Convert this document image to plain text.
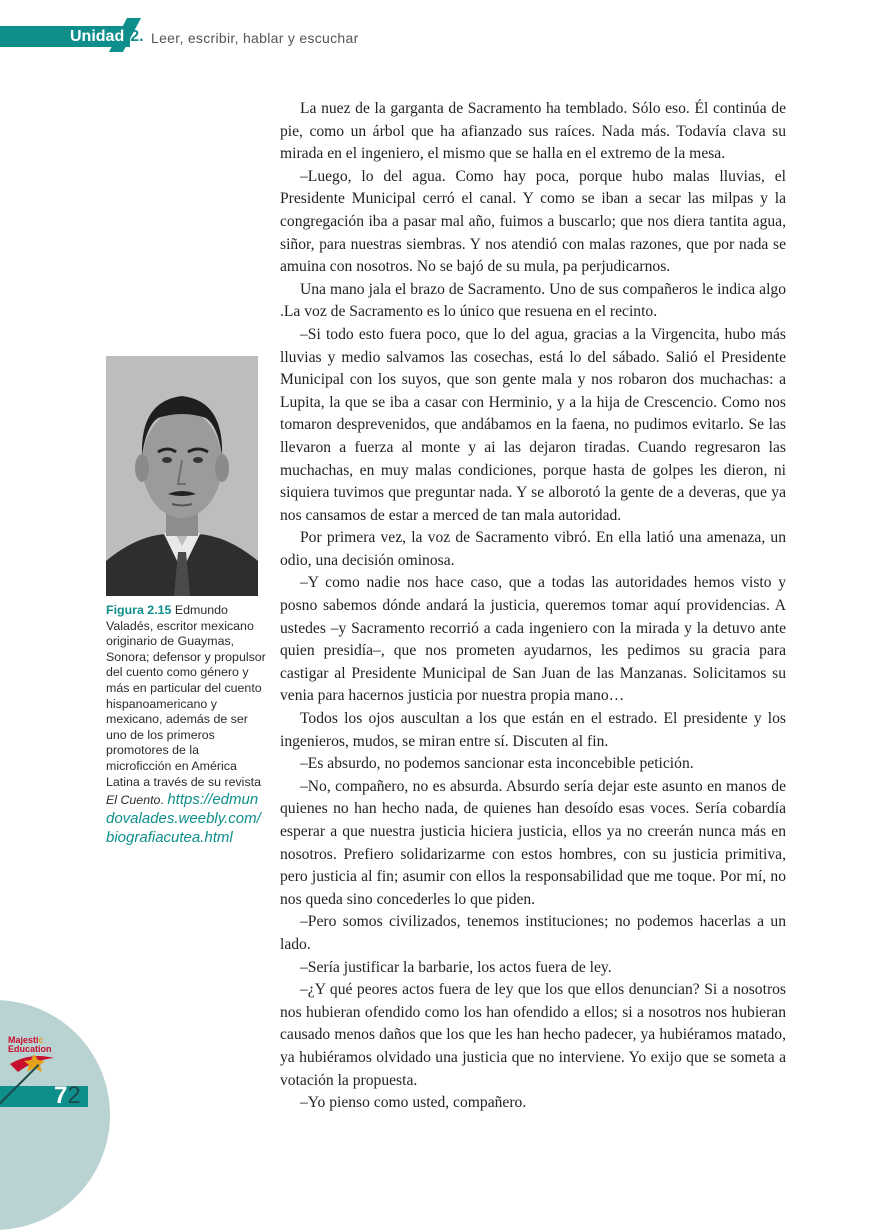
Unidad 2. Leer, escribir, hablar y escuchar

La nuez de la garganta de Sacramento ha temblado. Sólo eso. Él continúa de pie, como un árbol que ha afianzado sus raíces. Nada más. Todavía clava su mirada en el ingeniero, el mismo que se halla en el extremo de la mesa.

–Luego, lo del agua. Como hay poca, porque hubo malas lluvias, el Presidente Municipal cerró el canal. Y como se iban a secar las milpas y la congregación iba a pasar mal año, fuimos a buscarlo; que nos diera tantita agua, siñor, para nuestras siembras. Y nos atendió con malas razones, que por nada se amuina con nosotros. No se bajó de su mula, pa perjudicarnos.

Una mano jala el brazo de Sacramento. Uno de sus compañeros le indica algo .La voz de Sacramento es lo único que resuena en el recinto.

–Si todo esto fuera poco, que lo del agua, gracias a la Virgencita, hubo más lluvias y medio salvamos las cosechas, está lo del sábado. Salió el Presidente Municipal con los suyos, que son gente mala y nos robaron dos muchachas: a Lupita, la que se iba a casar con Herminio, y a la hija de Crescencio. Como nos tomaron desprevenidos, que andábamos en la faena, no pudimos evitarlo. Se las llevaron a fuerza al monte y ai las dejaron tiradas. Cuando regresaron las muchachas, en muy malas condiciones, porque hasta de golpes les dieron, ni siquiera tuvimos que preguntar nada. Y se alborotó la gente de a deveras, que ya nos cansamos de estar a merced de tan mala autoridad.

Por primera vez, la voz de Sacramento vibró. En ella latió una amenaza, un odio, una decisión ominosa.

–Y como nadie nos hace caso, que a todas las autoridades hemos visto y posno sabemos dónde andará la justicia, queremos tomar aquí providencias. A ustedes –y Sacramento recorrió a cada ingeniero con la mirada y la detuvo ante quien presidía–, que nos prometen ayudarnos, les pedimos su gracia para castigar al Presidente Municipal de San Juan de las Manzanas. Solicitamos su venia para hacernos justicia por nuestra propia mano…

Todos los ojos auscultan a los que están en el estrado. El presidente y los ingenieros, mudos, se miran entre sí. Discuten al fin.

–Es absurdo, no podemos sancionar esta inconcebible petición.

–No, compañero, no es absurda. Absurdo sería dejar este asunto en manos de quienes no han hecho nada, de quienes han desoído esas voces. Sería cobardía esperar a que nuestra justicia hiciera justicia, ellos ya no creerán nunca más en nosotros. Prefiero solidarizarme con estos hombres, con su justicia primitiva, pero justicia al fin; asumir con ellos la responsabilidad que me toque. Por mí, no nos queda sino concederles lo que piden.

–Pero somos civilizados, tenemos instituciones; no podemos hacerlas a un lado.

–Sería justificar la barbarie, los actos fuera de ley.

–¿Y qué peores actos fuera de ley que los que ellos denuncian? Si a nosotros nos hubieran ofendido como los han ofendido a ellos; si a nosotros nos hubieran causado menos daños que los que les han hecho padecer, ya hubiéramos matado, ya hubiéramos olvidado una justicia que no interviene. Yo exijo que se someta a votación la propuesta.

–Yo pienso como usted, compañero.

Figura 2.15 Edmundo Valadés, escritor mexicano originario de Guaymas, Sonora; defensor y propulsor del cuento como género y más en particular del cuento hispanoamericano y mexicano, además de ser uno de los primeros promotores de la microficción en América Latina a través de su revista El Cuento. https://edmundovalades.weebly.com/biografiacutea.html
Majestic
Education
72
